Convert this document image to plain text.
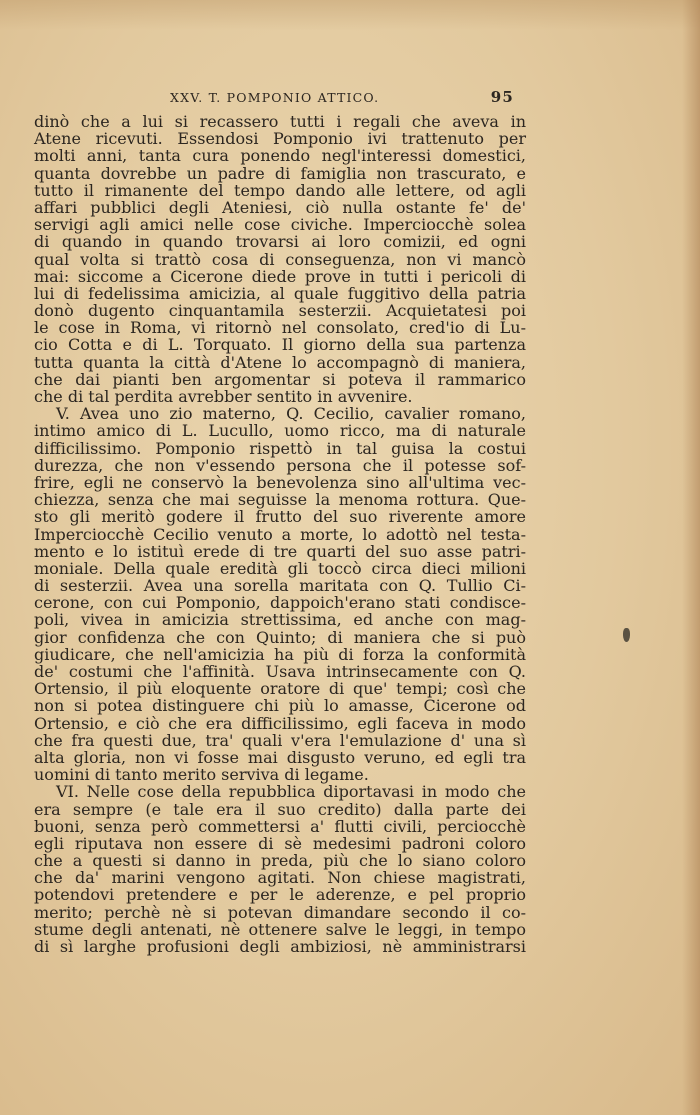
XXV. T. POMPONIO ATTICO.	95
dinò che a lui si recassero tutti i regali che aveva in
Atene ricevuti. Essendosi Pomponio ivi trattenuto per
molti anni, tanta cura ponendo negl'interessi domestici,
quanta dovrebbe un padre di famiglia non trascurato, e
tutto il rimanente del tempo dando alle lettere, od agli
affari pubblici degli Ateniesi, ciò nulla ostante fe' de'
servigi agli amici nelle cose civiche. Imperciocchè solea
di quando in quando trovarsi ai loro comizii, ed ogni
qual volta si trattò cosa di conseguenza, non vi mancò
mai: siccome a Cicerone diede prove in tutti i pericoli di
lui di fedelissima amicizia, al quale fuggitivo della patria
donò dugento cinquantamila sesterzii. Acquietatesi poi
le cose in Roma, vi ritornò nel consolato, cred'io di Lu-
cio Cotta e di L. Torquato. Il giorno della sua partenza
tutta quanta la città d'Atene lo accompagnò di maniera,
che dai pianti ben argomentar si poteva il rammarico
che di tal perdita avrebber sentito in avvenire.
V. Avea uno zio materno, Q. Cecilio, cavalier romano,
intimo amico di L. Lucullo, uomo ricco, ma di naturale
difficilissimo. Pomponio rispettò in tal guisa la costui
durezza, che non v'essendo persona che il potesse sof-
frire, egli ne conservò la benevolenza sino all'ultima vec-
chiezza, senza che mai seguisse la menoma rottura. Que-
sto gli meritò godere il frutto del suo riverente amore
Imperciocchè Cecilio venuto a morte, lo adottò nel testa-
mento e lo istituì erede di tre quarti del suo asse patri-
moniale. Della quale eredità gli toccò circa dieci milioni
di sesterzii. Avea una sorella maritata con Q. Tullio Ci-
cerone, con cui Pomponio, dappoich'erano stati condisce-
poli, vivea in amicizia strettissima, ed anche con mag-
gior confidenza che con Quinto; di maniera che si può
giudicare, che nell'amicizia ha più di forza la conformità
de' costumi che l'affinità. Usava intrinsecamente con Q.
Ortensio, il più eloquente oratore di que' tempi; così che
non si potea distinguere chi più lo amasse, Cicerone od
Ortensio, e ciò che era difficilissimo, egli faceva in modo
che fra questi due, tra' quali v'era l'emulazione d' una sì
alta gloria, non vi fosse mai disgusto veruno, ed egli tra
uomini di tanto merito serviva di legame.
VI. Nelle cose della repubblica diportavasi in modo che
era sempre (e tale era il suo credito) dalla parte dei
buoni, senza però commettersi a' flutti civili, perciocchè
egli riputava non essere di sè medesimi padroni coloro
che a questi si danno in preda, più che lo siano coloro
che da' marini vengono agitati. Non chiese magistrati,
potendovi pretendere e per le aderenze, e pel proprio
merito; perchè nè si potevan dimandare secondo il co-
stume degli antenati, nè ottenere salve le leggi, in tempo
di sì larghe profusioni degli ambiziosi, nè amministrarsi
